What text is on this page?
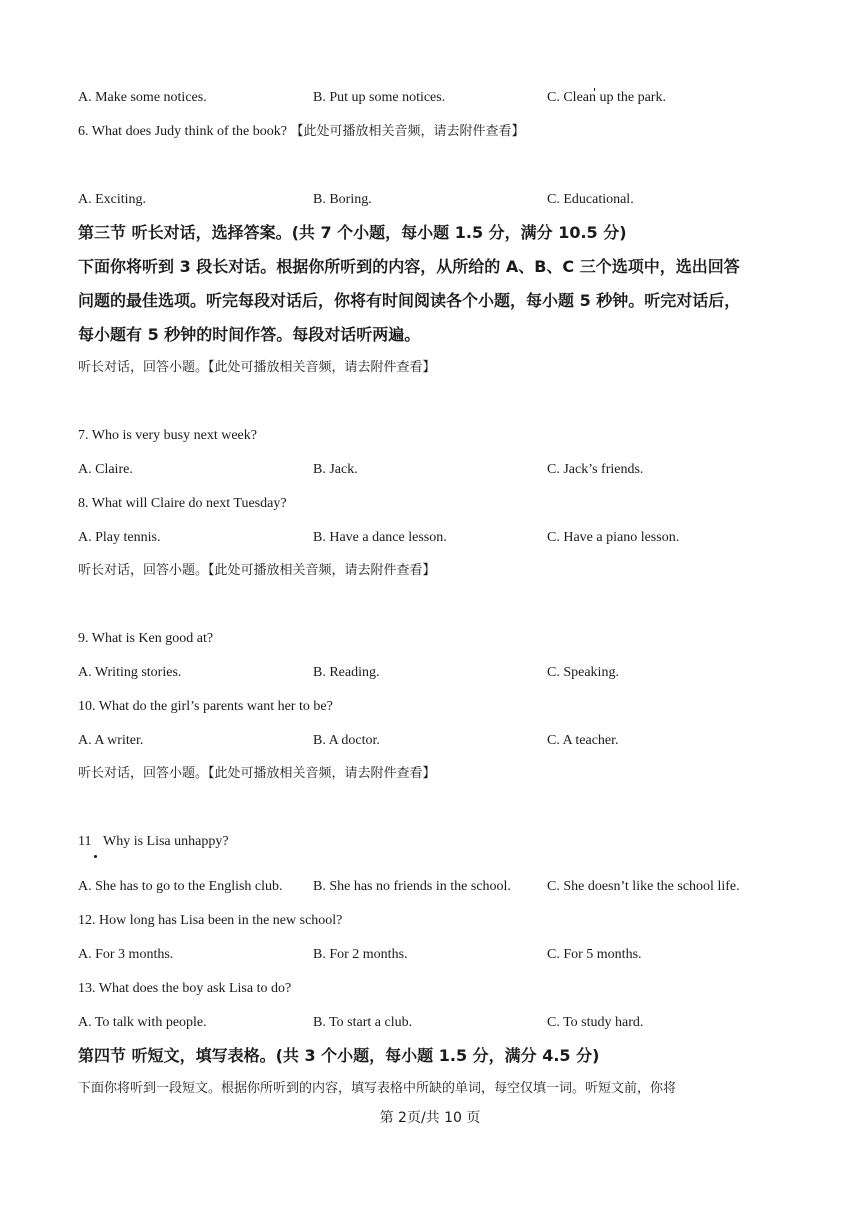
A. Make some notices.	B. Put up some notices.	C. Clean up the park.
6. What does Judy think of the book? 【此处可播放相关音频，请去附件查看】
A. Exciting.	B. Boring.	C. Educational.
第三节 听长对话，选择答案。(共 7 个小题，每小题 1.5 分，满分 10.5 分)
下面你将听到 3 段长对话。根据你所听到的内容，从所给的 A、B、C 三个选项中，选出回答
问题的最佳选项。听完每段对话后，你将有时间阅读各个小题，每小题 5 秒钟。听完对话后，
每小题有 5 秒钟的时间作答。每段对话听两遍。
听长对话，回答小题。【此处可播放相关音频，请去附件查看】
7. Who is very busy next week?
A. Claire.	B. Jack.	C. Jack’s friends.
8. What will Claire do next Tuesday?
A. Play tennis.	B. Have a dance lesson.	C. Have a piano lesson.
听长对话，回答小题。【此处可播放相关音频，请去附件查看】
9. What is Ken good at?
A. Writing stories.	B. Reading.	C. Speaking.
10. What do the girl’s parents want her to be?
A. A writer.	B. A doctor.	C. A teacher.
听长对话，回答小题。【此处可播放相关音频，请去附件查看】
11 Why is Lisa unhappy?
A. She has to go to the English club. B. She has no friends in the school.	C. She doesn’t like the school life.
12. How long has Lisa been in the new school?
A. For 3 months.	B. For 2 months.	C. For 5 months.
13. What does the boy ask Lisa to do?
A. To talk with people.	B. To start a club.	C. To study hard.
第四节 听短文，填写表格。(共 3 个小题，每小题 1.5 分，满分 4.5 分)
下面你将听到一段短文。根据你所听到的内容，填写表格中所缺的单词，每空仅填一词。听短文前，你将
第 2页/共 10 页
